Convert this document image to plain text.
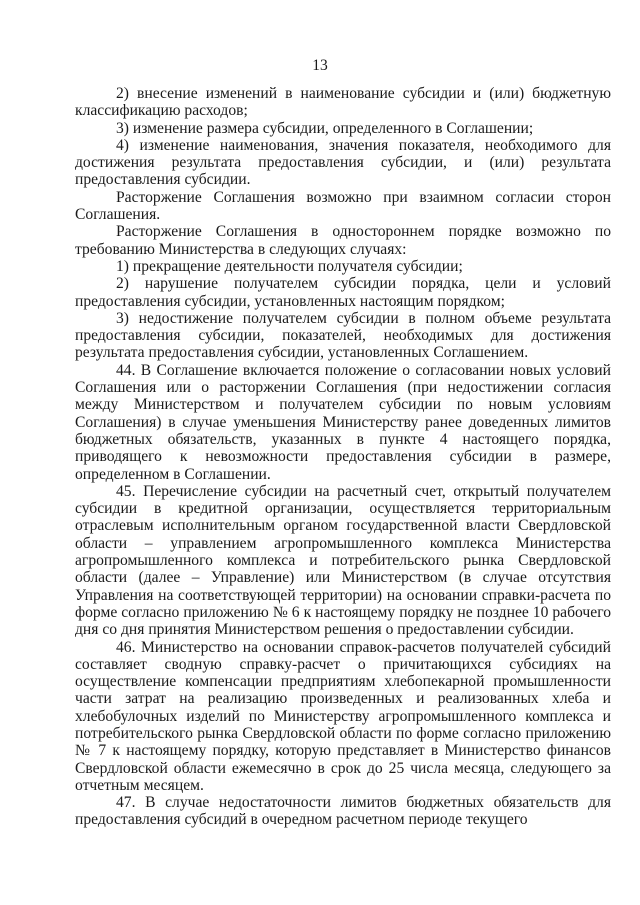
13

2) внесение изменений в наименование субсидии и (или) бюджетную классификацию расходов;

3) изменение размера субсидии, определенного в Соглашении;

4) изменение наименования, значения показателя, необходимого для достижения результата предоставления субсидии, и (или) результата предоставления субсидии.

Расторжение Соглашения возможно при взаимном согласии сторон Соглашения.

Расторжение Соглашения в одностороннем порядке возможно по требованию Министерства в следующих случаях:

1) прекращение деятельности получателя субсидии;

2) нарушение получателем субсидии порядка, цели и условий предоставления субсидии, установленных настоящим порядком;

3) недостижение получателем субсидии в полном объеме результата предоставления субсидии, показателей, необходимых для достижения результата предоставления субсидии, установленных Соглашением.

44. В Соглашение включается положение о согласовании новых условий Соглашения или о расторжении Соглашения (при недостижении согласия между Министерством и получателем субсидии по новым условиям Соглашения) в случае уменьшения Министерству ранее доведенных лимитов бюджетных обязательств, указанных в пункте 4 настоящего порядка, приводящего к невозможности предоставления субсидии в размере, определенном в Соглашении.

45. Перечисление субсидии на расчетный счет, открытый получателем субсидии в кредитной организации, осуществляется территориальным отраслевым исполнительным органом государственной власти Свердловской области – управлением агропромышленного комплекса Министерства агропромышленного комплекса и потребительского рынка Свердловской области (далее – Управление) или Министерством (в случае отсутствия Управления на соответствующей территории) на основании справки-расчета по форме согласно приложению № 6 к настоящему порядку не позднее 10 рабочего дня со дня принятия Министерством решения о предоставлении субсидии.

46. Министерство на основании справок-расчетов получателей субсидий составляет сводную справку-расчет о причитающихся субсидиях на осуществление компенсации предприятиям хлебопекарной промышленности части затрат на реализацию произведенных и реализованных хлеба и хлебобулочных изделий по Министерству агропромышленного комплекса и потребительского рынка Свердловской области по форме согласно приложению № 7 к настоящему порядку, которую представляет в Министерство финансов Свердловской области ежемесячно в срок до 25 числа месяца, следующего за отчетным месяцем.

47. В случае недостаточности лимитов бюджетных обязательств для предоставления субсидий в очередном расчетном периоде текущего
